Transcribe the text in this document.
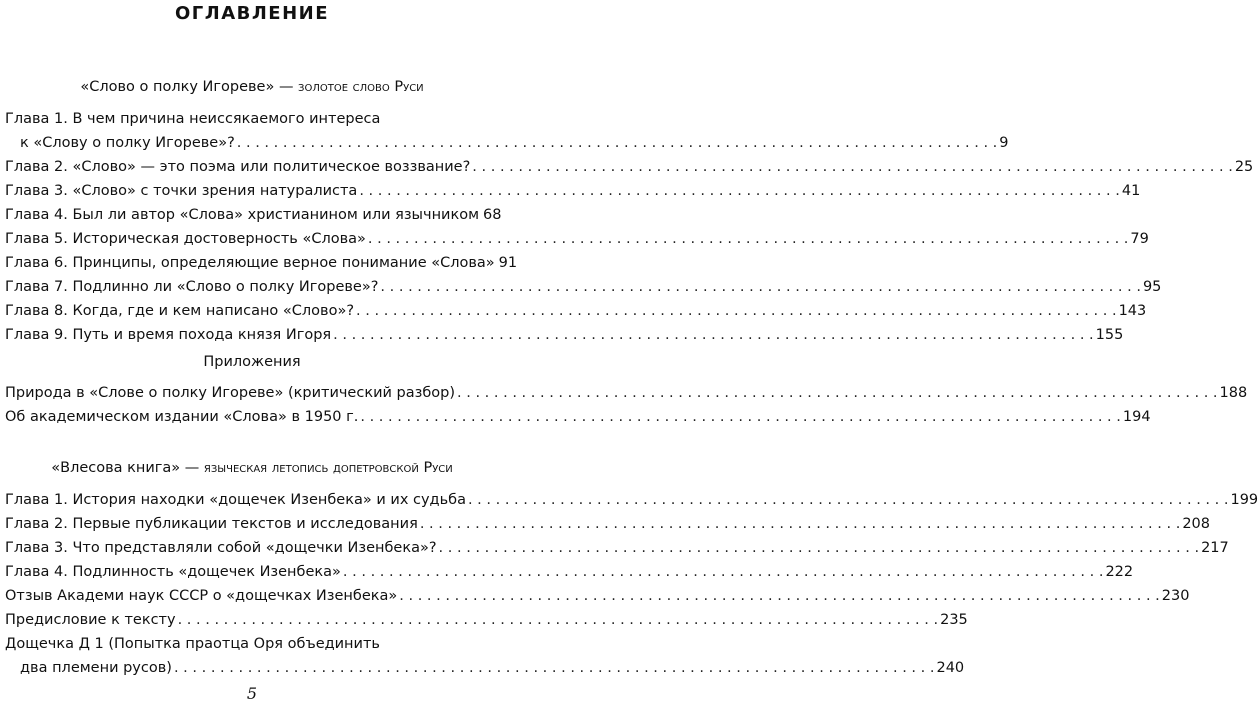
ОГЛАВЛЕНИЕ
«Слово о полку Игореве» — золотое слово Руси
Глава 1. В чем причина неиссякаемого интереса
к «Слову о полку Игореве»? . . .	9
Глава 2. «Слово» — это поэма или политическое воззвание? . . .	25
Глава 3. «Слово» с точки зрения натуралиста . . .	41
Глава 4. Был ли автор «Слова» христианином или язычником 68
Глава 5. Историческая достоверность «Слова» . . .	79
Глава 6. Принципы, определяющие верное понимание «Слова» 91
Глава 7. Подлинно ли «Слово о полку Игореве»? . . .	95
Глава 8. Когда, где и кем написано «Слово»? . . .	143
Глава 9. Путь и время похода князя Игоря . . .	155
Приложения
Природа в «Слове о полку Игореве» (критический разбор) . . .	188
Об академическом издании «Слова» в 1950 г. . . .	194
«Влесова книга» — языческая летопись допетровской Руси
Глава 1. История находки «дощечек Изенбека» и их судьба . . .	199
Глава 2. Первые публикации текстов и исследования . . .	208
Глава 3. Что представляли собой «дощечки Изенбека»? . . .	217
Глава 4. Подлинность «дощечек Изенбека» . . .	222
Отзыв Академи наук СССР о «дощечках Изенбека» . . .	230
Предисловие к тексту . . .	235
Дощечка Д 1 (Попытка праотца Оря объединить
два племени русов) . . .	240
5
